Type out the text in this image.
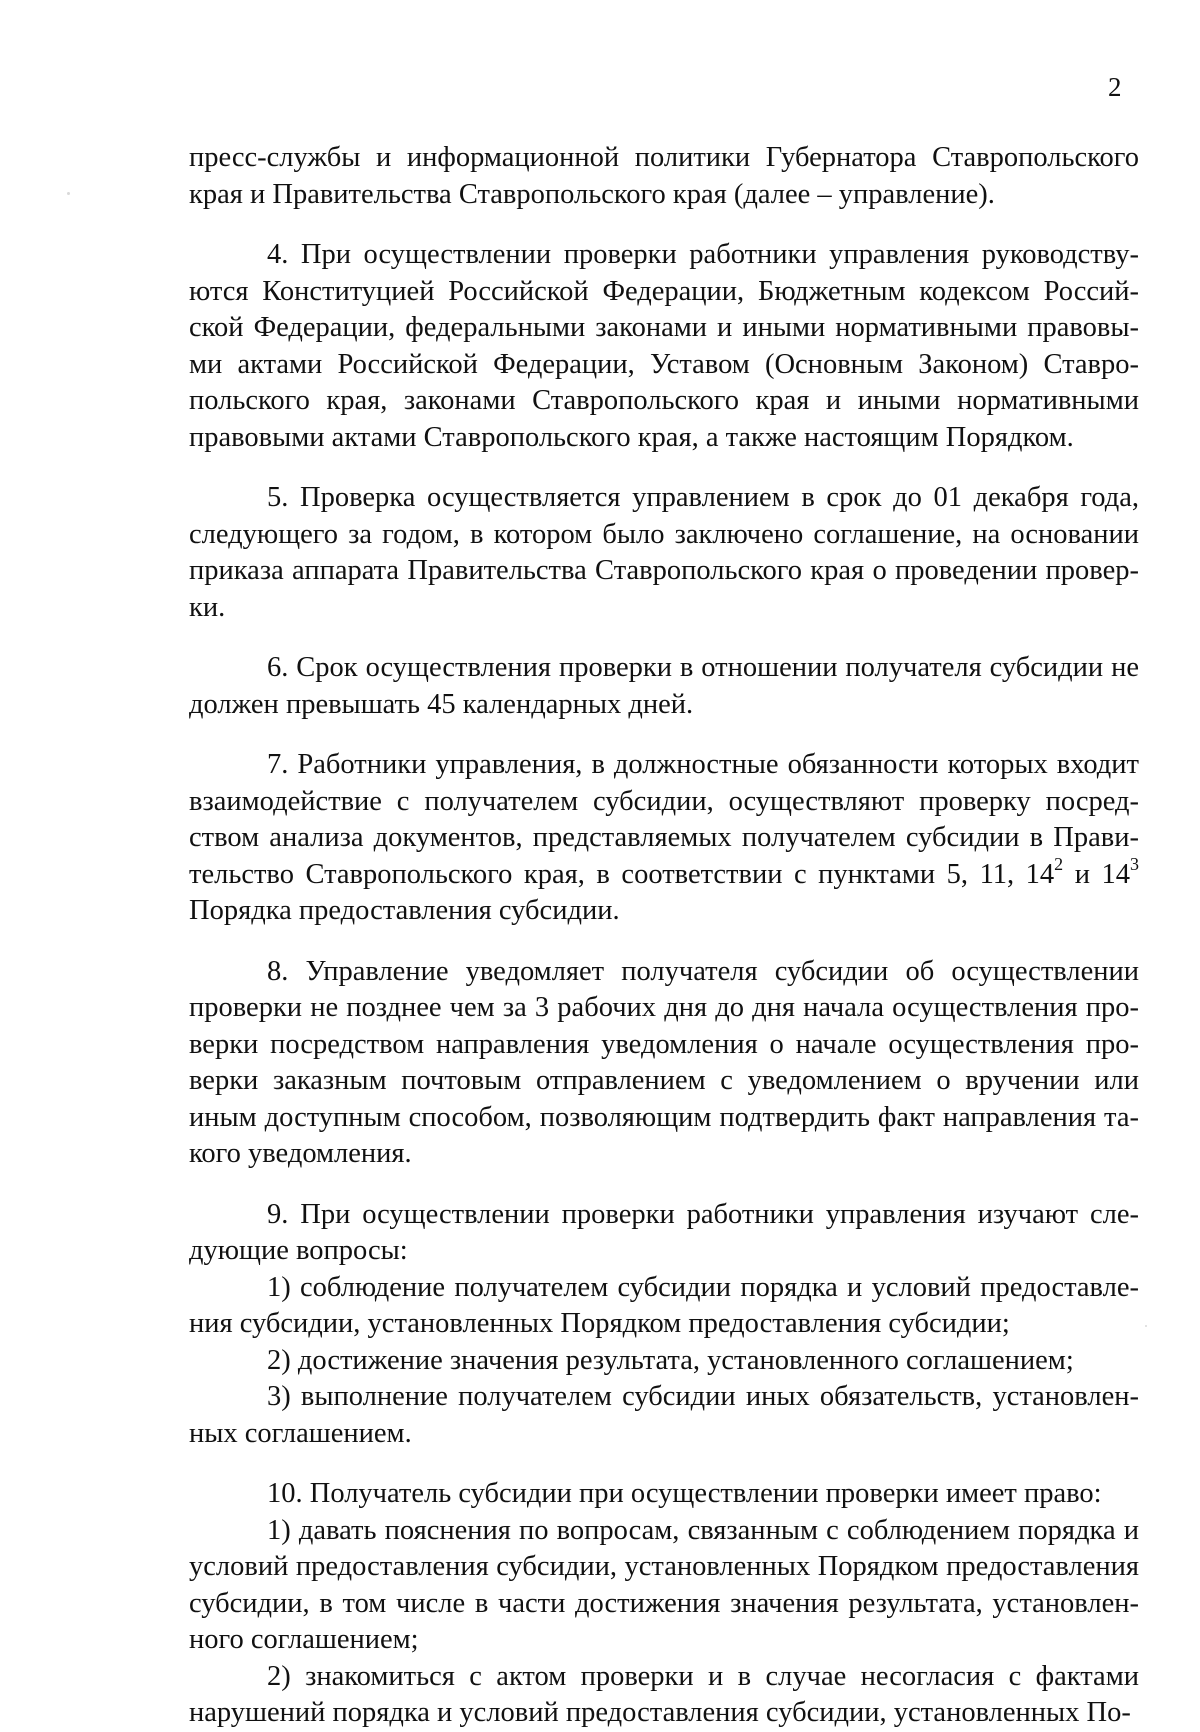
2

пресс-службы и информационной политики Губернатора Ставропольского края и Правительства Ставропольского края (далее – управление).

4. При осуществлении проверки работники управления руководствуются Конституцией Российской Федерации, Бюджетным кодексом Российской Федерации, федеральными законами и иными нормативными правовыми актами Российской Федерации, Уставом (Основным Законом) Ставропольского края, законами Ставропольского края и иными нормативными правовыми актами Ставропольского края, а также настоящим Порядком.

5. Проверка осуществляется управлением в срок до 01 декабря года, следующего за годом, в котором было заключено соглашение, на основании приказа аппарата Правительства Ставропольского края о проведении проверки.

6. Срок осуществления проверки в отношении получателя субсидии не должен превышать 45 календарных дней.

7. Работники управления, в должностные обязанности которых входит взаимодействие с получателем субсидии, осуществляют проверку посредством анализа документов, представляемых получателем субсидии в Правительство Ставропольского края, в соответствии с пунктами 5, 11, $14^2$ и $14^3$ Порядка предоставления субсидии.

8. Управление уведомляет получателя субсидии об осуществлении проверки не позднее чем за 3 рабочих дня до дня начала осуществления проверки посредством направления уведомления о начале осуществления проверки заказным почтовым отправлением с уведомлением о вручении или иным доступным способом, позволяющим подтвердить факт направления такого уведомления.

9. При осуществлении проверки работники управления изучают следующие вопросы:

1) соблюдение получателем субсидии порядка и условий предоставления субсидии, установленных Порядком предоставления субсидии;

2) достижение значения результата, установленного соглашением;

3) выполнение получателем субсидии иных обязательств, установленных соглашением.

10. Получатель субсидии при осуществлении проверки имеет право:

1) давать пояснения по вопросам, связанным с соблюдением порядка и условий предоставления субсидии, установленных Порядком предоставления субсидии, в том числе в части достижения значения результата, установленного соглашением;

2) знакомиться с актом проверки и в случае несогласия с фактами нарушений порядка и условий предоставления субсидии, установленных По-
